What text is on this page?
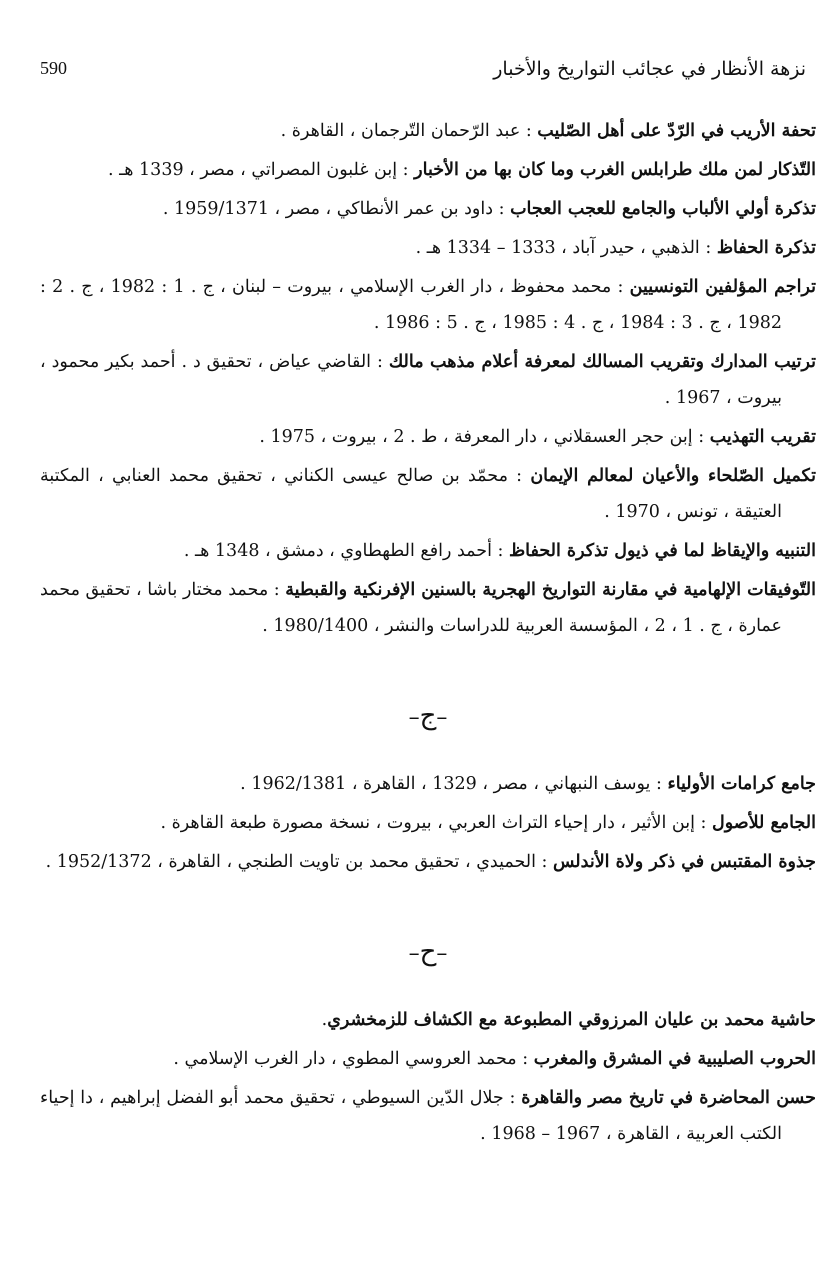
نزهة الأنظار في عجائب التواريخ والأخبار
590

تحفة الأريب في الرّدّ على أهل الصّليب : عبد الرّحمان التّرجمان ، القاهرة .

التّذكار لمن ملك طرابلس الغرب وما كان بها من الأخبار : إبن غلبون المصراتي ، مصر ، 1339 هـ .

تذكرة أولي الألباب والجامع للعجب العجاب : داود بن عمر الأنطاكي ، مصر ، 1959/1371 .

تذكرة الحفاظ : الذهبي ، حيدر آباد ، 1333 – 1334 هـ .

تراجم المؤلفين التونسيين : محمد محفوظ ، دار الغرب الإسلامي ، بيروت – لبنان ، ج . 1 : 1982 ، ج . 2 : 1982 ، ج . 3 : 1984 ، ج . 4 : 1985 ، ج . 5 : 1986 .

ترتيب المدارك وتقريب المسالك لمعرفة أعلام مذهب مالك : القاضي عياض ، تحقيق د . أحمد بكير محمود ، بيروت ، 1967 .

تقريب التهذيب : إبن حجر العسقلاني ، دار المعرفة ، ط . 2 ، بيروت ، 1975 .

تكميل الصّلحاء والأعيان لمعالم الإيمان : محمّد بن صالح عيسى الكناني ، تحقيق محمد العنابي ، المكتبة العتيقة ، تونس ، 1970 .

التنبيه والإيقاظ لما في ذيول تذكرة الحفاظ : أحمد رافع الطهطاوي ، دمشق ، 1348 هـ .

التّوفيقات الإلهامية في مقارنة التواريخ الهجرية بالسنين الإفرنكية والقبطية : محمد مختار باشا ، تحقيق محمد عمارة ، ج . 1 ، 2 ، المؤسسة العربية للدراسات والنشر ، 1980/1400 .

–ج–

جامع كرامات الأولياء : يوسف النبهاني ، مصر ، 1329 ، القاهرة ، 1962/1381 .

الجامع للأصول : إبن الأثير ، دار إحياء التراث العربي ، بيروت ، نسخة مصورة طبعة القاهرة .

جذوة المقتبس في ذكر ولاة الأندلس : الحميدي ، تحقيق محمد بن تاويت الطنجي ، القاهرة ، 1952/1372 .

–ح–

حاشية محمد بن عليان المرزوقي المطبوعة مع الكشاف للزمخشري.

الحروب الصليبية في المشرق والمغرب : محمد العروسي المطوي ، دار الغرب الإسلامي .

حسن المحاضرة في تاريخ مصر والقاهرة : جلال الدّين السيوطي ، تحقيق محمد أبو الفضل إبراهيم ، دا إحياء الكتب العربية ، القاهرة ، 1967 – 1968 .
